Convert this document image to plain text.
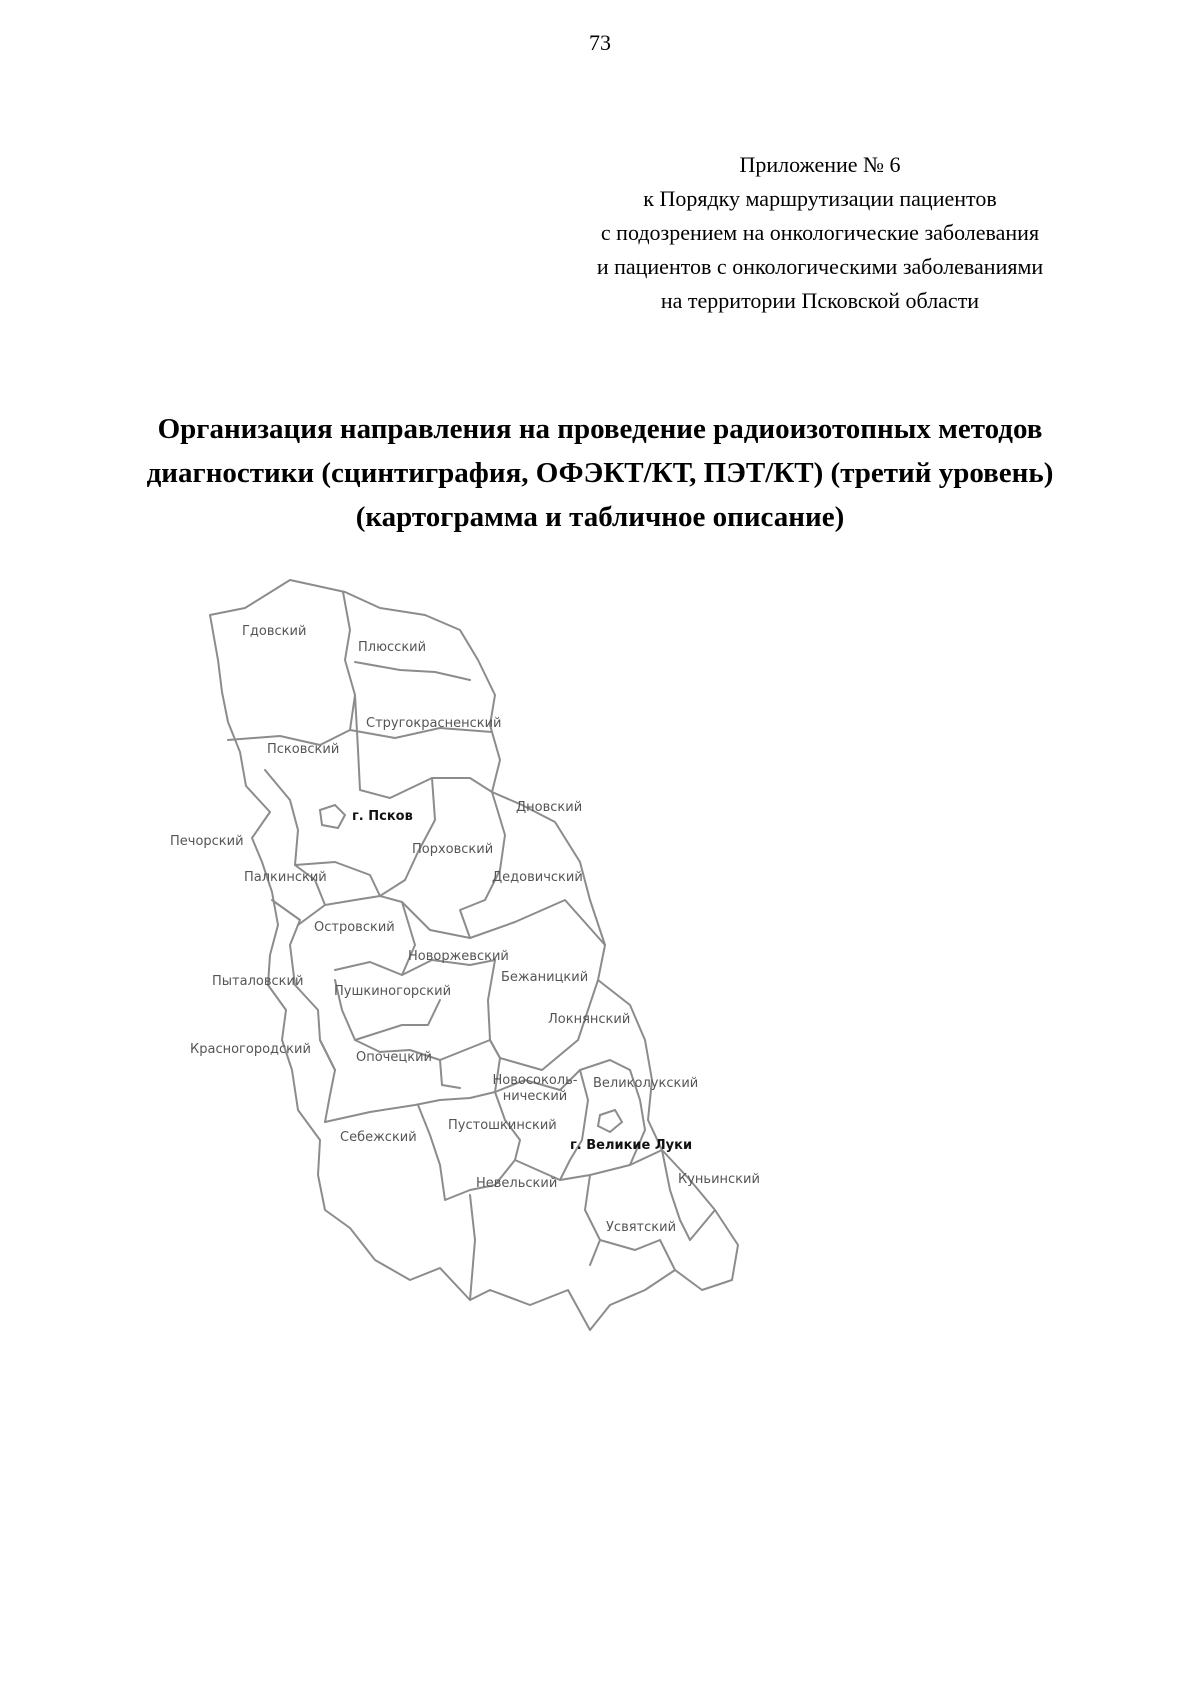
73
Приложение № 6
к Порядку маршрутизации пациентов
с подозрением на онкологические заболевания
и пациентов с онкологическими заболеваниями
на территории Псковской области
Организация направления на проведение радиоизотопных методов
диагностики (сцинтиграфия, ОФЭКТ/КТ, ПЭТ/КТ) (третий уровень)
(картограмма и табличное описание)
Гдовский
Плюсский
Стругокрасненский
Псковский
г. Псков
Дновский
Печорский
Порховский
Палкинский	Дедовичский
Островский
Новоржевский
Бежаницкий
Пыталовский
Пушкиногорский
Локнянский
Красногородский
Опочецкий
Новосоколь-
нический
Великолукский
Пустошкинский
Себежский
г. Великие Луки
Невельский	Куньинский
Усвятский
